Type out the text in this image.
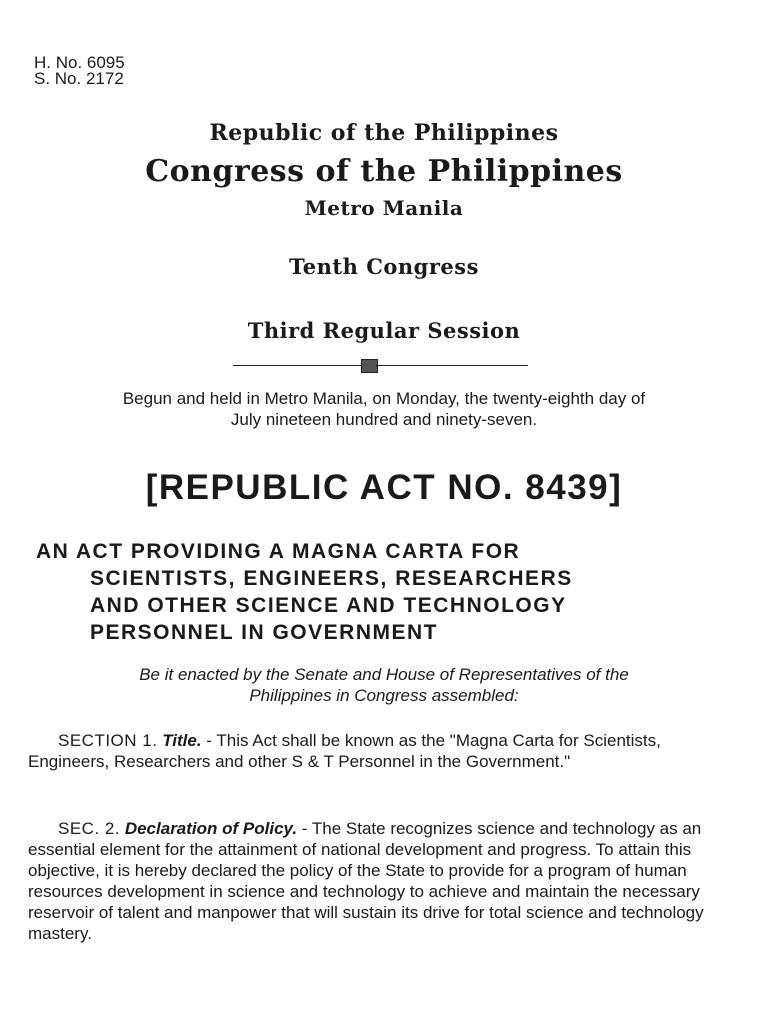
H. No. 6095
S. No. 2172
Republic of the Philippines
Congress of the Philippines
Metro Manila
Tenth Congress
Third Regular Session
Begun and held in Metro Manila, on Monday, the twenty-eighth day of
July nineteen hundred and ninety-seven.
[REPUBLIC ACT NO. 8439]
AN ACT PROVIDING A MAGNA CARTA FOR
SCIENTISTS, ENGINEERS, RESEARCHERS
AND OTHER SCIENCE AND TECHNOLOGY
PERSONNEL IN GOVERNMENT
Be it enacted by the Senate and House of Representatives of the
Philippines in Congress assembled:
SECTION 1. Title. - This Act shall be known as the "Magna Carta for Scientists, Engineers, Researchers and other S & T Personnel in the Government."
SEC. 2. Declaration of Policy. - The State recognizes science and technology as an essential element for the attainment of national development and progress. To attain this objective, it is hereby declared the policy of the State to provide for a program of human resources development in science and technology to achieve and maintain the necessary reservoir of talent and manpower that will sustain its drive for total science and technology mastery.
